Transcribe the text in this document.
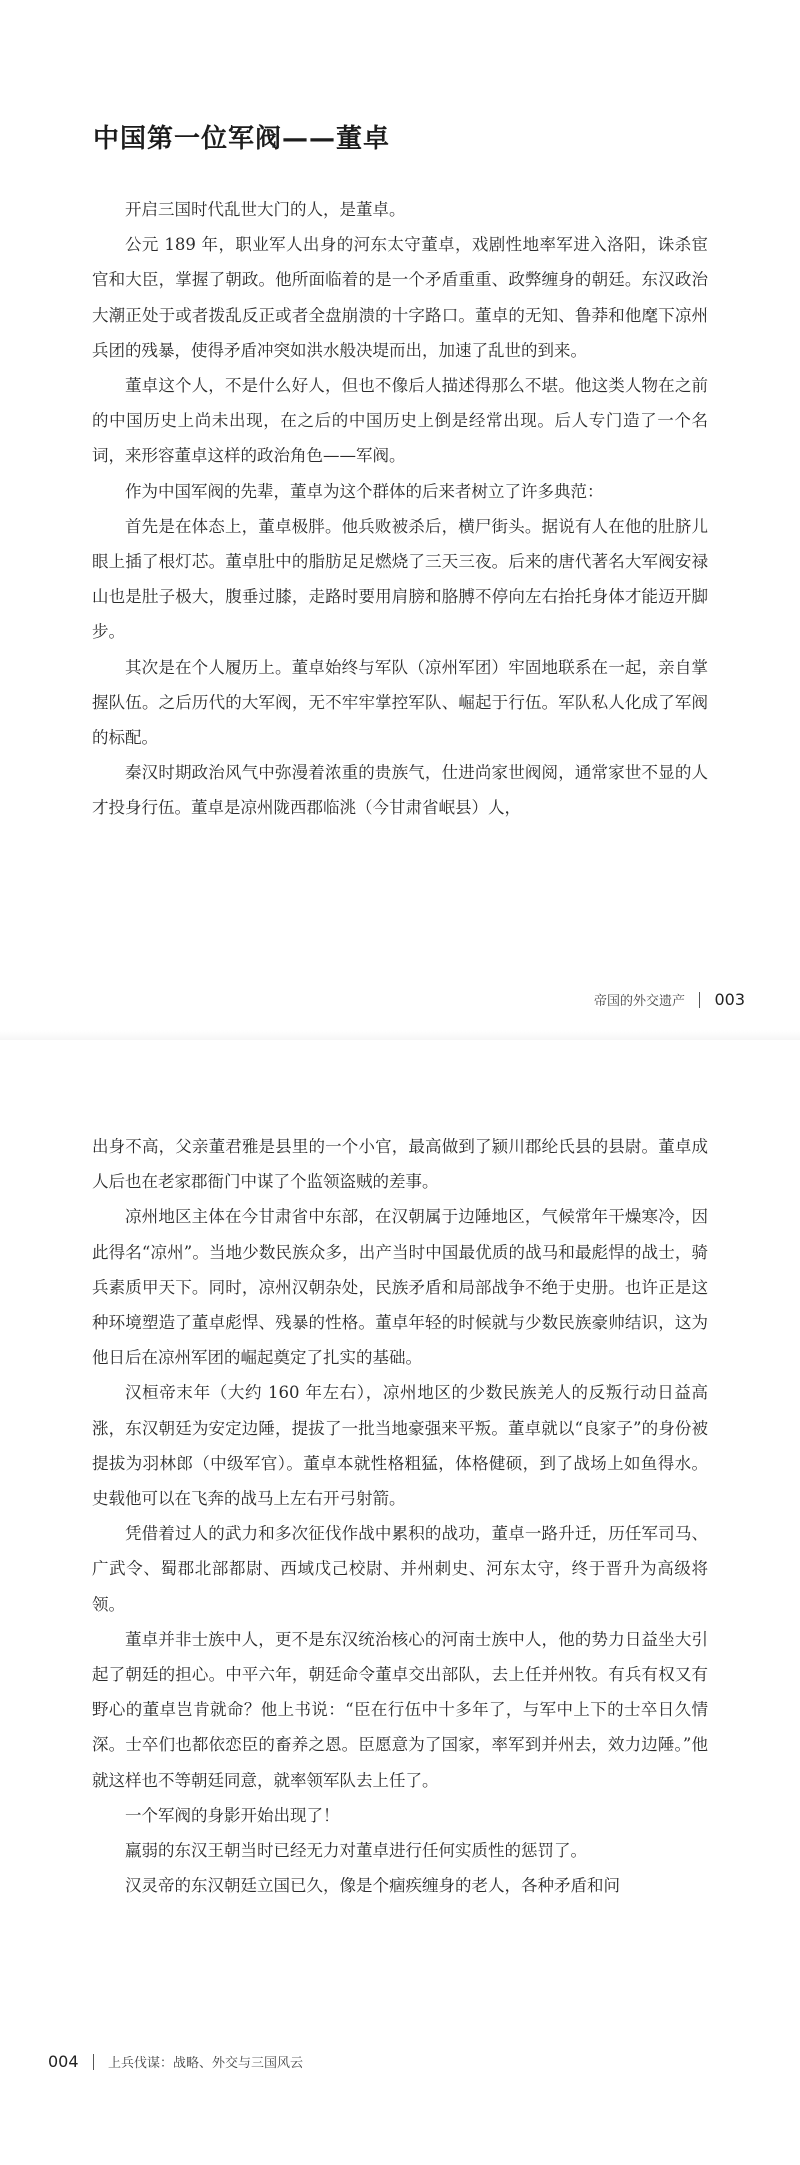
中国第一位军阀——董卓

开启三国时代乱世大门的人，是董卓。

公元 189 年，职业军人出身的河东太守董卓，戏剧性地率军进入洛阳，诛杀宦官和大臣，掌握了朝政。他所面临着的是一个矛盾重重、政弊缠身的朝廷。东汉政治大潮正处于或者拨乱反正或者全盘崩溃的十字路口。董卓的无知、鲁莽和他麾下凉州兵团的残暴，使得矛盾冲突如洪水般决堤而出，加速了乱世的到来。

董卓这个人，不是什么好人，但也不像后人描述得那么不堪。他这类人物在之前的中国历史上尚未出现，在之后的中国历史上倒是经常出现。后人专门造了一个名词，来形容董卓这样的政治角色——军阀。

作为中国军阀的先辈，董卓为这个群体的后来者树立了许多典范：

首先是在体态上，董卓极胖。他兵败被杀后，横尸街头。据说有人在他的肚脐儿眼上插了根灯芯。董卓肚中的脂肪足足燃烧了三天三夜。后来的唐代著名大军阀安禄山也是肚子极大，腹垂过膝，走路时要用肩膀和胳膊不停向左右抬托身体才能迈开脚步。

其次是在个人履历上。董卓始终与军队（凉州军团）牢固地联系在一起，亲自掌握队伍。之后历代的大军阀，无不牢牢掌控军队、崛起于行伍。军队私人化成了军阀的标配。

秦汉时期政治风气中弥漫着浓重的贵族气，仕进尚家世阀阅，通常家世不显的人才投身行伍。董卓是凉州陇西郡临洮（今甘肃省岷县）人，

帝国的外交遗产 003

出身不高，父亲董君雅是县里的一个小官，最高做到了颍川郡纶氏县的县尉。董卓成人后也在老家郡衙门中谋了个监领盗贼的差事。

凉州地区主体在今甘肃省中东部，在汉朝属于边陲地区，气候常年干燥寒冷，因此得名“凉州”。当地少数民族众多，出产当时中国最优质的战马和最彪悍的战士，骑兵素质甲天下。同时，凉州汉朝杂处，民族矛盾和局部战争不绝于史册。也许正是这种环境塑造了董卓彪悍、残暴的性格。董卓年轻的时候就与少数民族豪帅结识，这为他日后在凉州军团的崛起奠定了扎实的基础。

汉桓帝末年（大约 160 年左右），凉州地区的少数民族羌人的反叛行动日益高涨，东汉朝廷为安定边陲，提拔了一批当地豪强来平叛。董卓就以“良家子”的身份被提拔为羽林郎（中级军官）。董卓本就性格粗猛，体格健硕，到了战场上如鱼得水。史载他可以在飞奔的战马上左右开弓射箭。

凭借着过人的武力和多次征伐作战中累积的战功，董卓一路升迁，历任军司马、广武令、蜀郡北部都尉、西域戊己校尉、并州刺史、河东太守，终于晋升为高级将领。

董卓并非士族中人，更不是东汉统治核心的河南士族中人，他的势力日益坐大引起了朝廷的担心。中平六年，朝廷命令董卓交出部队，去上任并州牧。有兵有权又有野心的董卓岂肯就命？他上书说：“臣在行伍中十多年了，与军中上下的士卒日久情深。士卒们也都依恋臣的畜养之恩。臣愿意为了国家，率军到并州去，效力边陲。”他就这样也不等朝廷同意，就率领军队去上任了。

一个军阀的身影开始出现了！

羸弱的东汉王朝当时已经无力对董卓进行任何实质性的惩罚了。

汉灵帝的东汉朝廷立国已久，像是个痼疾缠身的老人，各种矛盾和问

004 上兵伐谋：战略、外交与三国风云
